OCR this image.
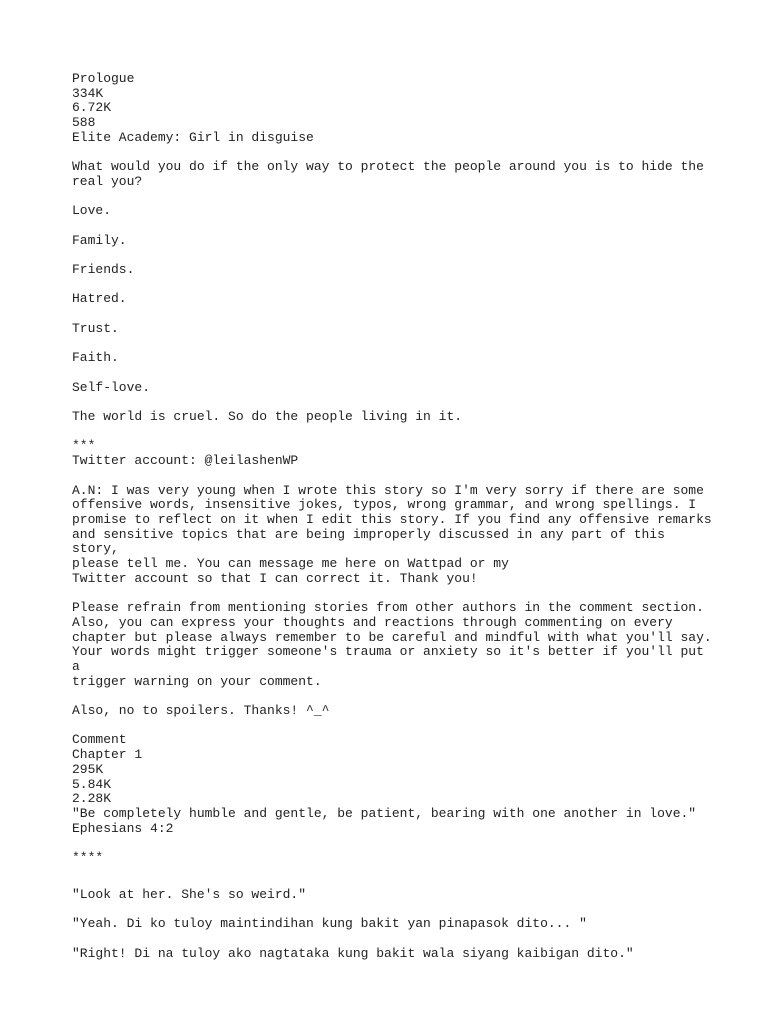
Prologue
334K
6.72K
588
Elite Academy: Girl in disguise

What would you do if the only way to protect the people around you is to hide the
real you?

Love.

Family.

Friends.

Hatred.

Trust.

Faith.

Self-love.

The world is cruel. So do the people living in it.

***
Twitter account: @leilashenWP

A.N: I was very young when I wrote this story so I'm very sorry if there are some
offensive words, insensitive jokes, typos, wrong grammar, and wrong spellings. I
promise to reflect on it when I edit this story. If you find any offensive remarks
and sensitive topics that are being improperly discussed in any part of this story,
please tell me. You can message me here on Wattpad or my
Twitter account so that I can correct it. Thank you!

Please refrain from mentioning stories from other authors in the comment section.
Also, you can express your thoughts and reactions through commenting on every
chapter but please always remember to be careful and mindful with what you'll say.
Your words might trigger someone's trauma or anxiety so it's better if you'll put a
trigger warning on your comment.

Also, no to spoilers. Thanks! ^_^

Comment
Chapter 1
295K
5.84K
2.28K
"Be completely humble and gentle, be patient, bearing with one another in love."
Ephesians 4:2

****

"Look at her. She's so weird."

"Yeah. Di ko tuloy maintindihan kung bakit yan pinapasok dito... "

"Right! Di na tuloy ako nagtataka kung bakit wala siyang kaibigan dito."
